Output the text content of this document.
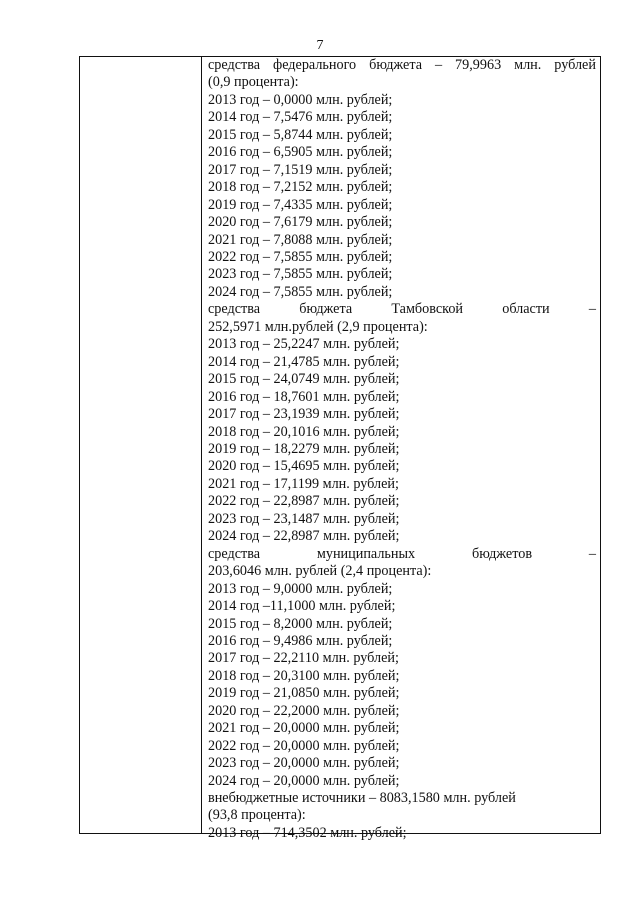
7
средства федерального бюджета – 79,9963 млн. рублей
(0,9 процента):
2013 год – 0,0000 млн. рублей;
2014 год – 7,5476 млн. рублей;
2015 год – 5,8744 млн. рублей;
2016 год – 6,5905 млн. рублей;
2017 год – 7,1519 млн. рублей;
2018 год – 7,2152 млн. рублей;
2019 год – 7,4335 млн. рублей;
2020 год – 7,6179 млн. рублей;
2021 год – 7,8088 млн. рублей;
2022 год – 7,5855 млн. рублей;
2023 год – 7,5855 млн. рублей;
2024 год – 7,5855 млн. рублей;
средства	бюджета	Тамбовской	области	–
252,5971 млн.рублей (2,9 процента):
2013 год – 25,2247 млн. рублей;
2014 год – 21,4785 млн. рублей;
2015 год – 24,0749 млн. рублей;
2016 год – 18,7601 млн. рублей;
2017 год – 23,1939 млн. рублей;
2018 год – 20,1016 млн. рублей;
2019 год – 18,2279 млн. рублей;
2020 год – 15,4695 млн. рублей;
2021 год – 17,1199 млн. рублей;
2022 год – 22,8987 млн. рублей;
2023 год – 23,1487 млн. рублей;
2024 год – 22,8987 млн. рублей;
средства	муниципальных	бюджетов	–
203,6046 млн. рублей (2,4 процента):
2013 год – 9,0000 млн. рублей;
2014 год –11,1000 млн. рублей;
2015 год – 8,2000 млн. рублей;
2016 год – 9,4986 млн. рублей;
2017 год – 22,2110 млн. рублей;
2018 год – 20,3100 млн. рублей;
2019 год – 21,0850 млн. рублей;
2020 год – 22,2000 млн. рублей;
2021 год – 20,0000 млн. рублей;
2022 год – 20,0000 млн. рублей;
2023 год – 20,0000 млн. рублей;
2024 год – 20,0000 млн. рублей;
внебюджетные источники – 8083,1580 млн. рублей
(93,8 процента):
2013 год – 714,3502 млн. рублей;
